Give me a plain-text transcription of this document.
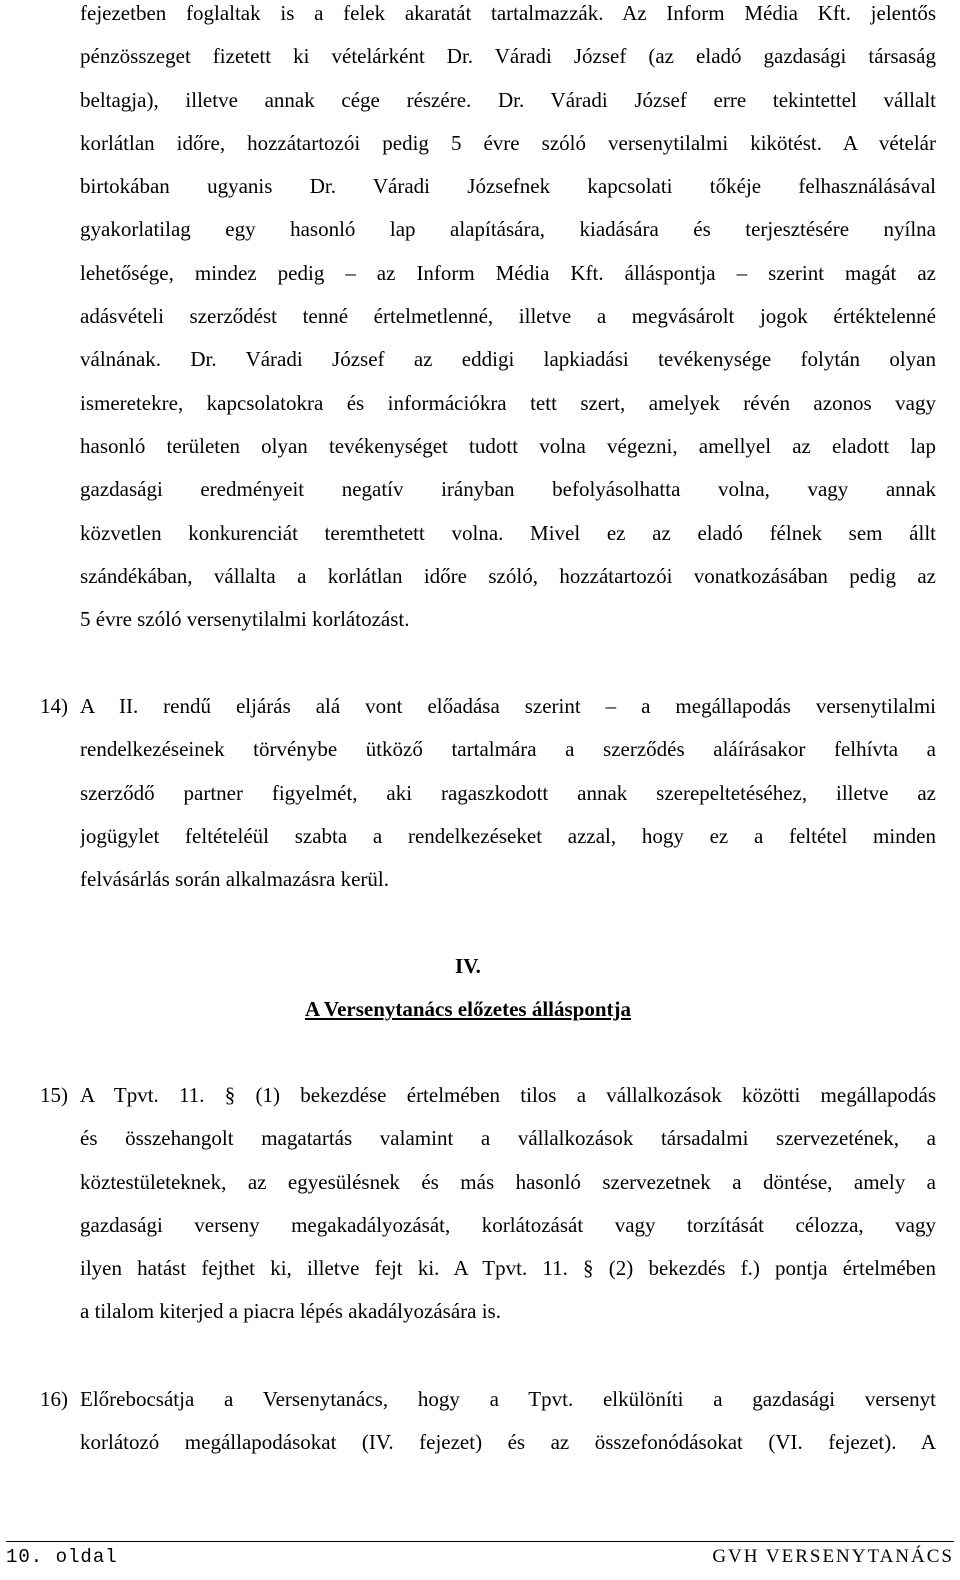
fejezetben foglaltak is a felek akaratát tartalmazzák. Az Inform Média Kft. jelentős
pénzösszeget fizetett ki vételárként Dr. Váradi József (az eladó gazdasági társaság
beltagja), illetve annak cége részére. Dr. Váradi József erre tekintettel vállalt
korlátlan időre, hozzátartozói pedig 5 évre szóló versenytilalmi kikötést. A vételár
birtokában ugyanis Dr. Váradi Józsefnek kapcsolati tőkéje felhasználásával
gyakorlatilag egy hasonló lap alapítására, kiadására és terjesztésére nyílna
lehetősége, mindez pedig – az Inform Média Kft. álláspontja – szerint magát az
adásvételi szerződést tenné értelmetlenné, illetve a megvásárolt jogok értéktelenné
válnának. Dr. Váradi József az eddigi lapkiadási tevékenysége folytán olyan
ismeretekre, kapcsolatokra és információkra tett szert, amelyek révén azonos vagy
hasonló területen olyan tevékenységet tudott volna végezni, amellyel az eladott lap
gazdasági eredményeit negatív irányban befolyásolhatta volna, vagy annak
közvetlen konkurenciát teremthetett volna. Mivel ez az eladó félnek sem állt
szándékában, vállalta a korlátlan időre szóló, hozzátartozói vonatkozásában pedig az
5 évre szóló versenytilalmi korlátozást.
14) A II. rendű eljárás alá vont előadása szerint – a megállapodás versenytilalmi
rendelkezéseinek törvénybe ütköző tartalmára a szerződés aláírásakor felhívta a
szerződő partner figyelmét, aki ragaszkodott annak szerepeltetéséhez, illetve az
jogügylet feltételéül szabta a rendelkezéseket azzal, hogy ez a feltétel minden
felvásárlás során alkalmazásra kerül.
IV.
A Versenytanács előzetes álláspontja
15) A Tpvt. 11. § (1) bekezdése értelmében tilos a vállalkozások közötti megállapodás
és összehangolt magatartás valamint a vállalkozások társadalmi szervezetének, a
köztestületeknek, az egyesülésnek és más hasonló szervezetnek a döntése, amely a
gazdasági verseny megakadályozását, korlátozását vagy torzítását célozza, vagy
ilyen hatást fejthet ki, illetve fejt ki. A Tpvt. 11. § (2) bekezdés f.) pontja értelmében
a tilalom kiterjed a piacra lépés akadályozására is.
16) Előrebocsátja a Versenytanács, hogy a Tpvt. elkülöníti a gazdasági versenyt
korlátozó megállapodásokat (IV. fejezet) és az összefonódásokat (VI. fejezet). A
10. oldal	GVH VERSENYTANÁCS
